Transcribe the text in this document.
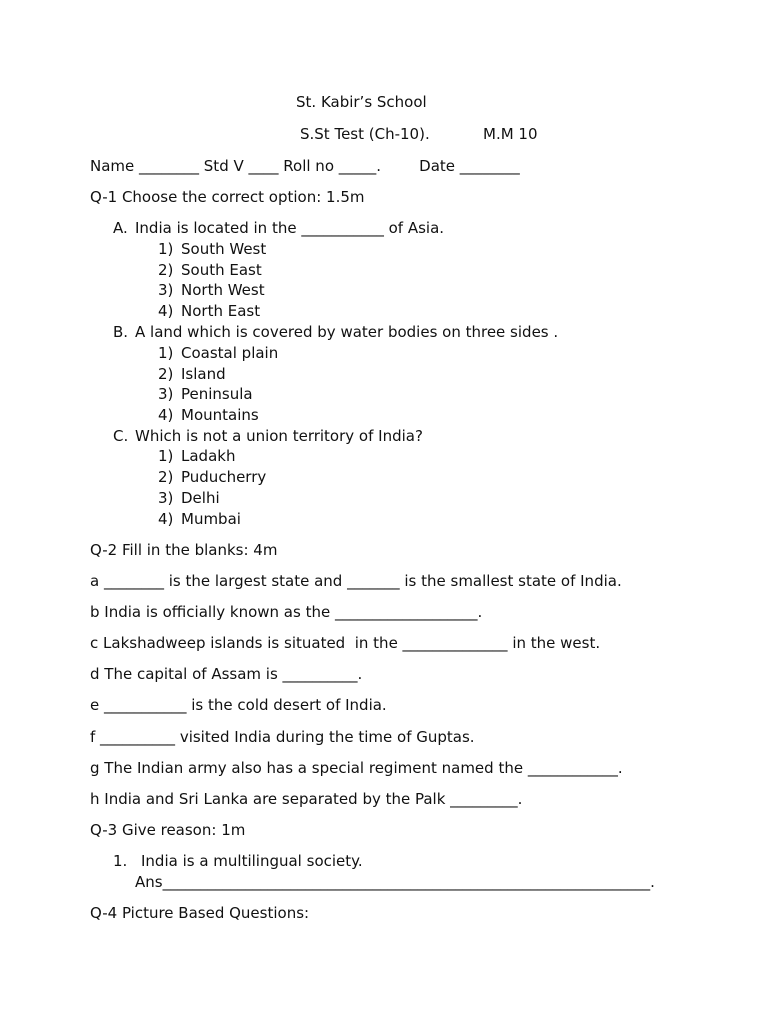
St. Kabir’s School
S.St Test (Ch-10).	M.M 10
Name ________ Std V ____ Roll no _____.        Date ________
Q-1 Choose the correct option: 1.5m
A. India is located in the ___________ of Asia.
1) South West
2) South East
3) North West
4) North East
B. A land which is covered by water bodies on three sides .
1) Coastal plain
2) Island
3) Peninsula
4) Mountains
C. Which is not a union territory of India?
1) Ladakh
2) Puducherry
3) Delhi
4) Mumbai
Q-2 Fill in the blanks: 4m
a ________ is the largest state and _______ is the smallest state of India.
b India is officially known as the ___________________.
c Lakshadweep islands is situated  in the ______________ in the west.
d The capital of Assam is __________.
e ___________ is the cold desert of India.
f __________ visited India during the time of Guptas.
g The Indian army also has a special regiment named the ____________.
h India and Sri Lanka are separated by the Palk _________.
Q-3 Give reason: 1m
1. India is a multilingual society.
Ans_________________________________________________________________.
Q-4 Picture Based Questions:
